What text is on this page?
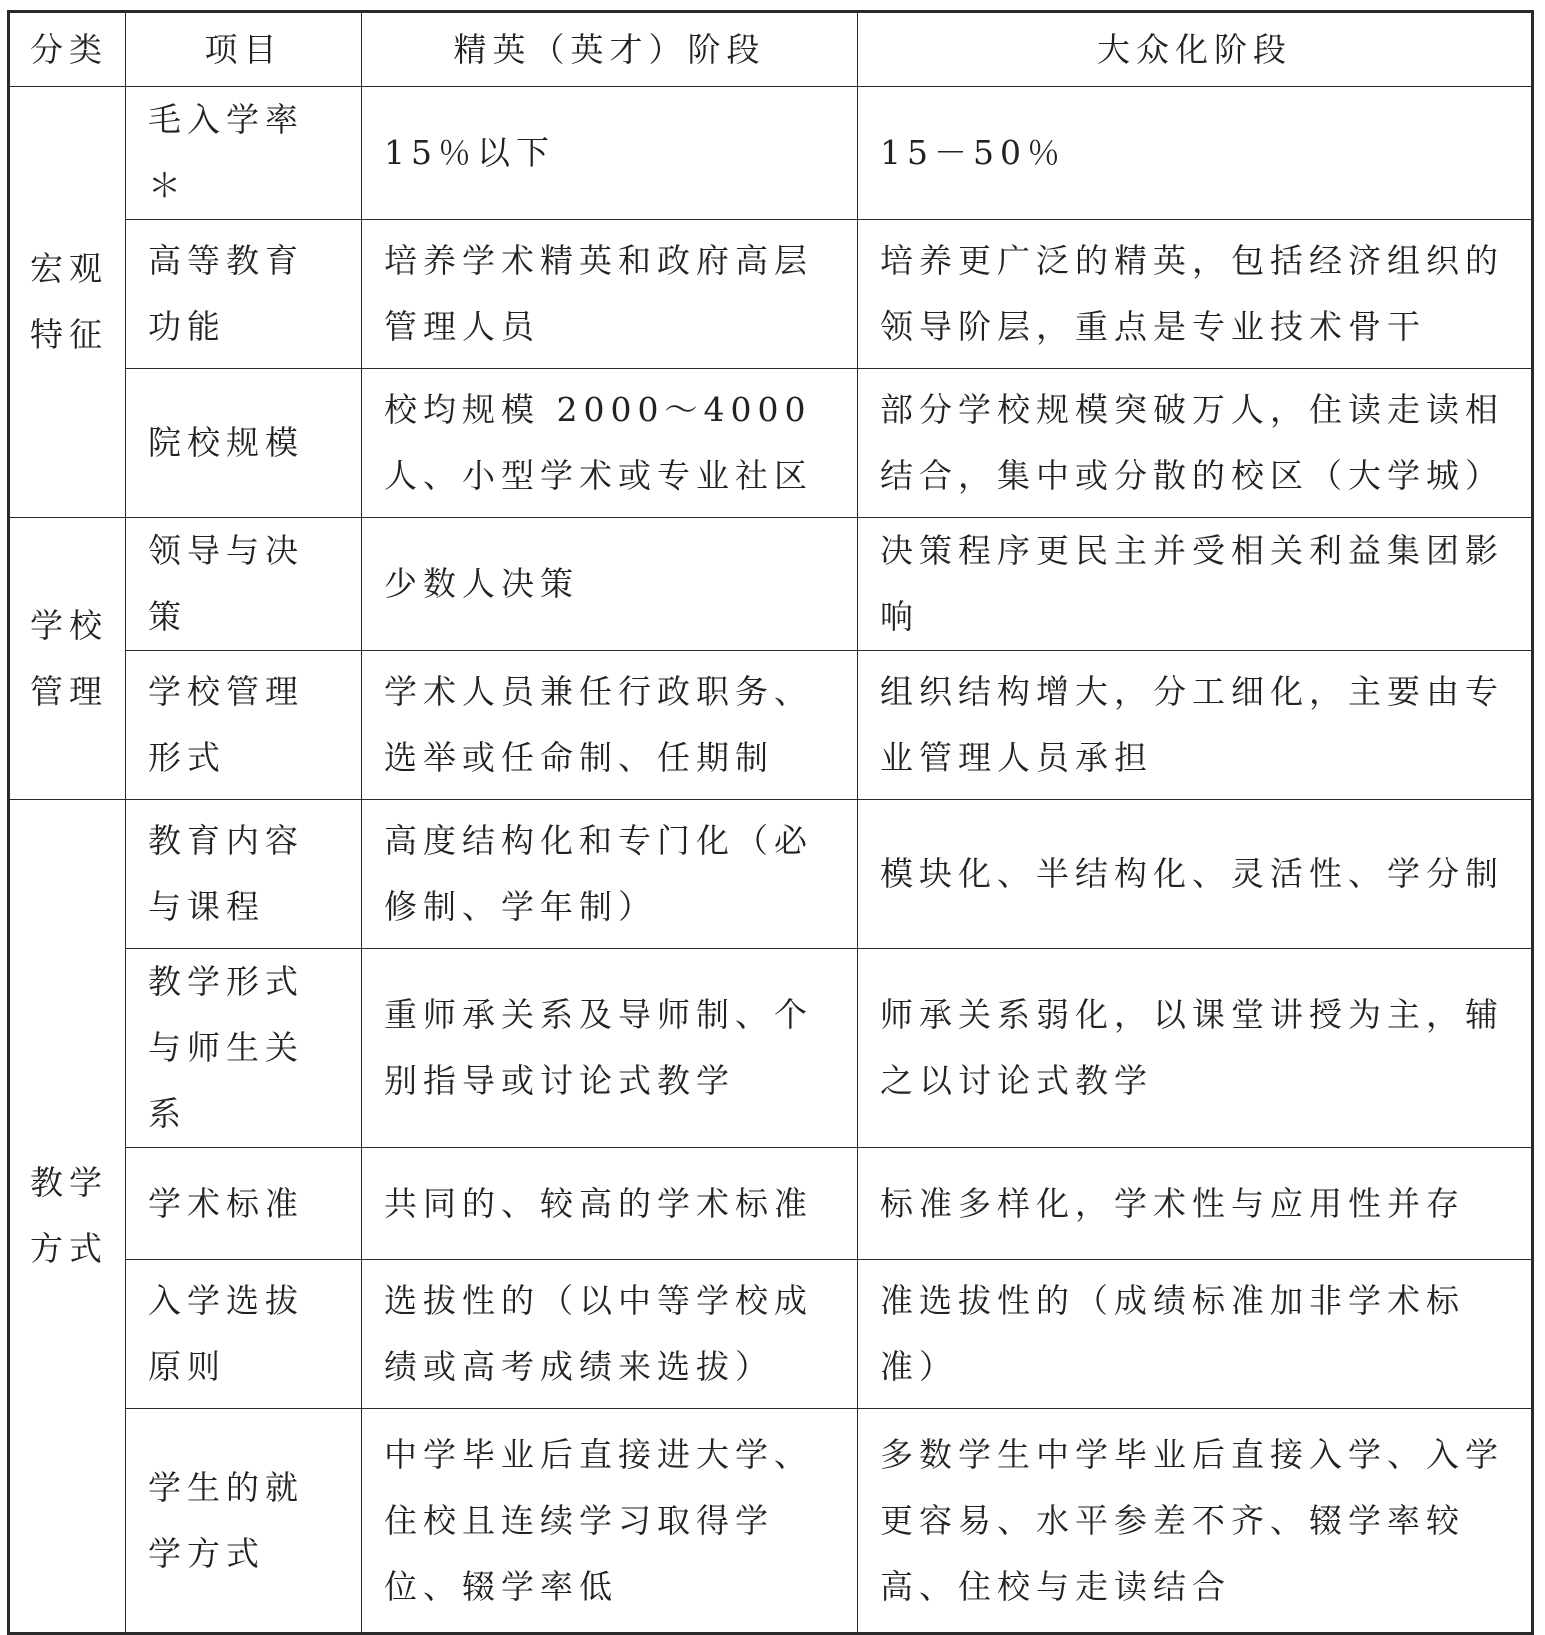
分类	项目	精英（英才）阶段	大众化阶段
宏观特征	毛入学率＊	15％以下	15－50％
	高等教育功能	培养学术精英和政府高层管理人员	培养更广泛的精英，包括经济组织的领导阶层，重点是专业技术骨干
	院校规模	校均规模 2000～4000 人、小型学术或专业社区	部分学校规模突破万人，住读走读相结合，集中或分散的校区（大学城）
学校管理	领导与决策	少数人决策	决策程序更民主并受相关利益集团影响
	学校管理形式	学术人员兼任行政职务、选举或任命制、任期制	组织结构增大，分工细化，主要由专业管理人员承担
教学方式	教育内容与课程	高度结构化和专门化（必修制、学年制）	模块化、半结构化、灵活性、学分制
	教学形式与师生关系	重师承关系及导师制、个别指导或讨论式教学	师承关系弱化，以课堂讲授为主，辅之以讨论式教学
	学术标准	共同的、较高的学术标准	标准多样化，学术性与应用性并存
	入学选拔原则	选拔性的（以中等学校成绩或高考成绩来选拔）	准选拔性的（成绩标准加非学术标准）
	学生的就学方式	中学毕业后直接进大学、住校且连续学习取得学位、辍学率低	多数学生中学毕业后直接入学、入学更容易、水平参差不齐、辍学率较高、住校与走读结合
